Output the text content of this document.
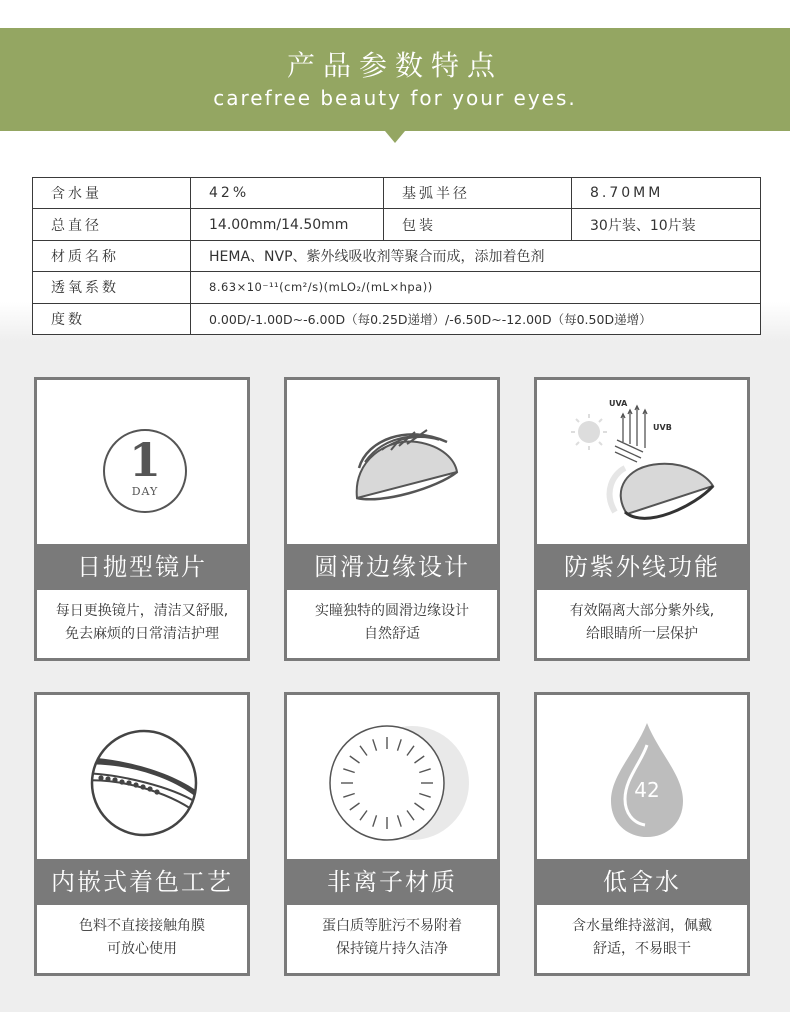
产品参数特点
carefree beauty for your eyes.
含水量	42%	基弧半径	8.70MM
总直径	14.00mm/14.50mm	包装	30片装、10片装
材质名称	HEMA、NVP、紫外线吸收剂等聚合而成，添加着色剂		
透氧系数	8.63×10⁻¹¹(cm²/s)(mLO₂/(mL×hpa))		
度数	0.00D/-1.00D~-6.00D（每0.25D递增）/-6.50D~-12.00D（每0.50D递增）		
1
DAY
日抛型镜片
每日更换镜片，清洁又舒服,
免去麻烦的日常清洁护理
圆滑边缘设计
实瞳独特的圆滑边缘设计
自然舒适
UVA
UVB
防紫外线功能
有效隔离大部分紫外线,
给眼睛所一层保护
内嵌式着色工艺
色料不直接接触角膜
可放心使用
非离子材质
蛋白质等脏污不易附着
保持镜片持久洁净
42
低含水
含水量维持滋润，佩戴
舒适，不易眼干
